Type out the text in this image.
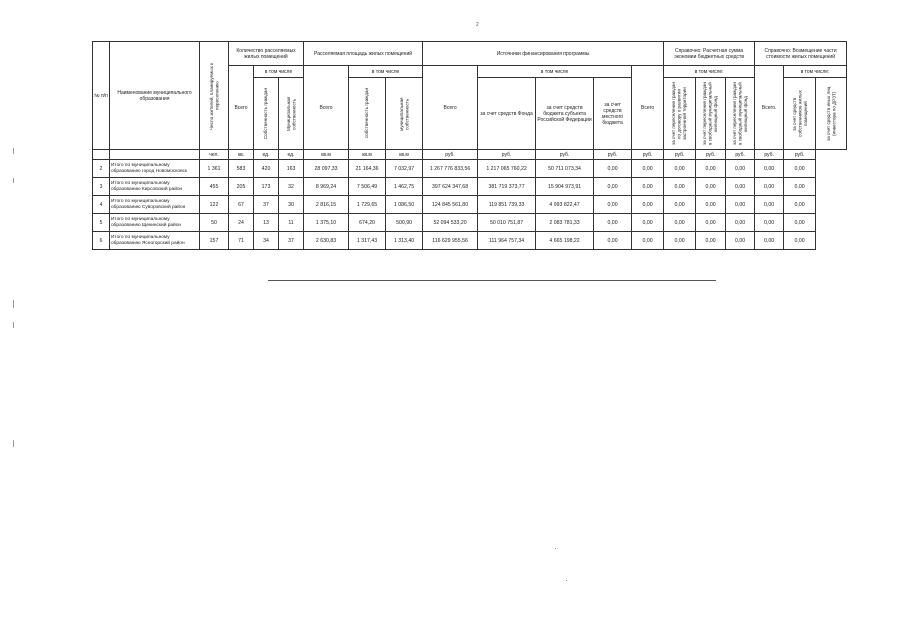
2
№ п/п	Наименование муниципального образования	Число жителей, планируемых к переселению	Количество расселяемых жилых помещений			Расселяемая площадь жилых помещений			Источники финансирования программы					Справочно: Расчетная сумма экономии бюджетных средств			Справочно: Возмещение части стоимости жилых помещений		
			Всего	в том числе		Всего	в том числе		Всего	в том числе			Всего	в том числе:			Всего.	в том числе:	

				Собственность граждан	Муниципальная собственность		собственность граждан	муниципальная собственность		за счет средств Фонда	за счет средств бюджета субъекта Российской Федерации	за счет средств местного бюджета		за счет переселения граждан по договору о развитии застроенной территории	за счет переселения граждан в свободный муниципальный жилищный фонд	за счет переселения граждан в свободный муниципальный жилищный фонд		за счет средств собственников жилых помещений	за счет средств иных лиц (инвестора по ДРЗТ)

		чел.	кв.	ед.	ед.	кв.м	кв.м	кв.м	руб.	руб.	руб.	руб.	руб.	руб.	руб.	руб.	руб.	руб.	
2	Итого по муниципальному образованию город Новомосковск	1 361	583	420	163	28 097,33	21 164,36	7 032,97	1 267 776 833,56	1 217 065 760,22	50 711 073,34	0,00	0,00	0,00	0,00	0,00	0,00	0,00	
3	Итого по муниципальному образованию Кирсовский район	455	205	173	32	8 969,24	7 506,49	1 462,75	397 624 347,68	381 719 373,77	15 904 973,91	0,00	0,00	0,00	0,00	0,00	0,00	0,00	
4	Итого по муниципальному образованию Суворовский район	122	67	37	30	2 816,15	1 729,65	1 086,50	124 845 561,80	119 851 739,33	4 993 822,47	0,00	0,00	0,00	0,00	0,00	0,00	0,00	
5	Итого по муниципальному образованию Щекинский район	50	24	13	11	1 375,10	674,20	500,90	52 094 533,20	50 010 751,87	2 083 781,33	0,00	0,00	0,00	0,00	0,00	0,00	0,00	
6	Итого по муниципальному образованию Ясногорский район	157	71	34	37	2 630,83	1 317,43	1 313,40	116 629 955,56	111 964 757,34	4 665 198,22	0,00	0,00	0,00	0,00	0,00	0,00	0,00	
